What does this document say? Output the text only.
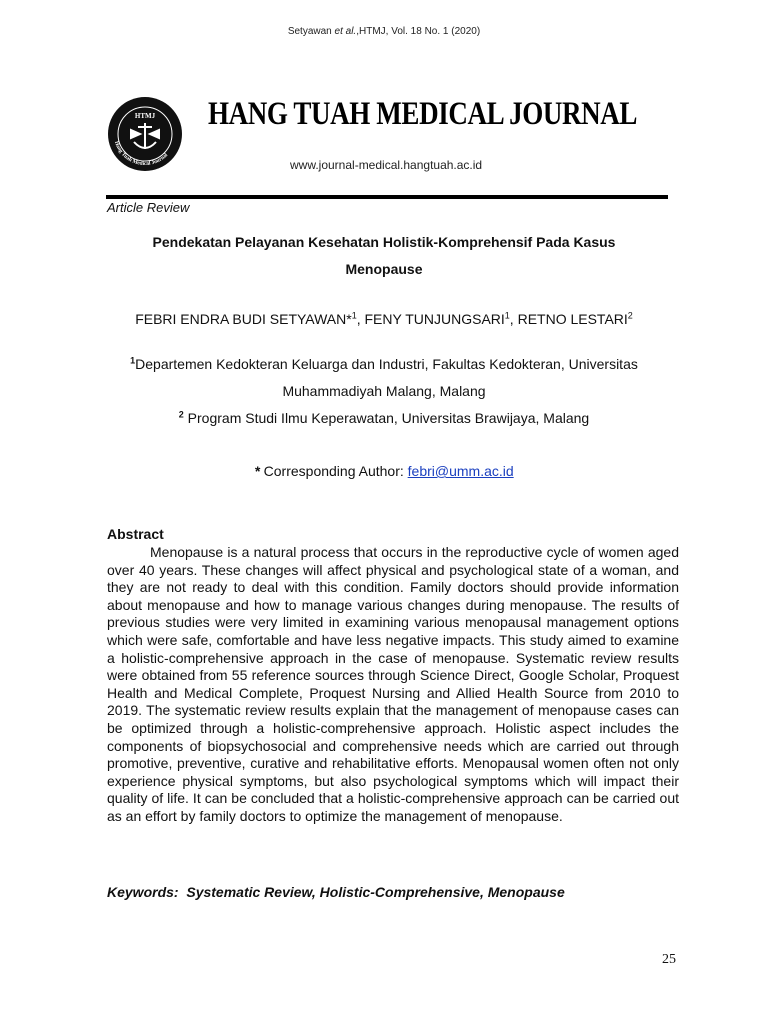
Setyawan et al.,HTMJ, Vol. 18 No. 1 (2020)
HTMJ
Hang Tuah Medical Journal
HANG TUAH MEDICAL JOURNAL
www.journal-medical.hangtuah.ac.id
Article Review
Pendekatan Pelayanan Kesehatan Holistik-Komprehensif Pada Kasus
Menopause
FEBRI ENDRA BUDI SETYAWAN*$^1$, FENY TUNJUNGSARI$^1$, RETNO LESTARI$^2$
$^1$Departemen Kedokteran Keluarga dan Industri, Fakultas Kedokteran, Universitas
Muhammadiyah Malang, Malang
$^2$ Program Studi Ilmu Keperawatan, Universitas Brawijaya, Malang
* Corresponding Author: febri@umm.ac.id
Abstract

Menopause is a natural process that occurs in the reproductive cycle of women aged over 40 years. These changes will affect physical and psychological state of a woman, and they are not ready to deal with this condition. Family doctors should provide information about menopause and how to manage various changes during menopause. The results of previous studies were very limited in examining various menopausal management options which were safe, comfortable and have less negative impacts. This study aimed to examine a holistic-comprehensive approach in the case of menopause. Systematic review results were obtained from 55 reference sources through Science Direct, Google Scholar, Proquest Health and Medical Complete, Proquest Nursing and Allied Health Source from 2010 to 2019. The systematic review results explain that the management of menopause cases can be optimized through a holistic-comprehensive approach. Holistic aspect includes the components of biopsychosocial and comprehensive needs which are carried out through promotive, preventive, curative and rehabilitative efforts. Menopausal women often not only experience physical symptoms, but also psychological symptoms which will impact their quality of life. It can be concluded that a holistic-comprehensive approach can be carried out as an effort by family doctors to optimize the management of menopause.

Keywords:  Systematic Review, Holistic-Comprehensive, Menopause
25
